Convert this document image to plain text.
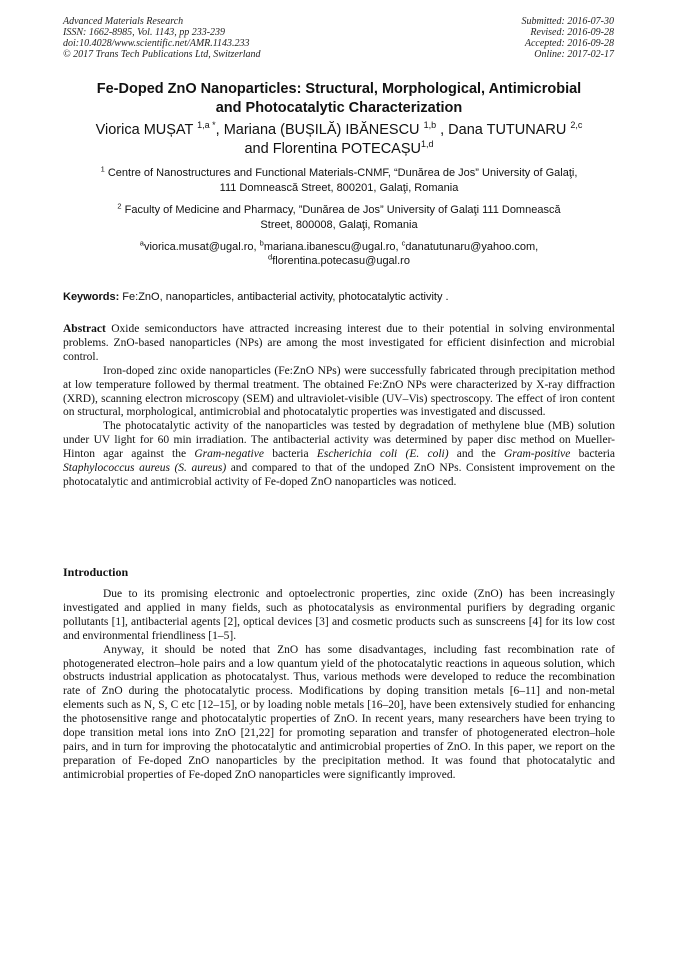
Advanced Materials Research
ISSN: 1662-8985, Vol. 1143, pp 233-239
doi:10.4028/www.scientific.net/AMR.1143.233
© 2017 Trans Tech Publications Ltd, Switzerland
Submitted: 2016-07-30
Revised: 2016-09-28
Accepted: 2016-09-28
Online: 2017-02-17
Fe-Doped ZnO Nanoparticles: Structural, Morphological, Antimicrobial
and Photocatalytic Characterization
Viorica MUȘAT $^{1,a *}$, Mariana (BUȘILĂ) IBĂNESCU $^{1,b}$ , Dana TUTUNARU $^{2,c}$
and Florentina POTECAȘU$^{1,d}$
$^1$ Centre of Nanostructures and Functional Materials-CNMF, “Dunărea de Jos” University of Galaţi,
111 Domnească Street, 800201, Galaţi, Romania
$^2$ Faculty of Medicine and Pharmacy, ”Dunărea de Jos” University of Galaţi 111 Domnească
Street, 800008, Galaţi, Romania
$^a$viorica.musat@ugal.ro, $^b$mariana.ibanescu@ugal.ro, $^c$danatutunaru@yahoo.com,
$^d$florentina.potecasu@ugal.ro
Keywords: Fe:ZnO, nanoparticles, antibacterial activity, photocatalytic activity .

Abstract Oxide semiconductors have attracted increasing interest due to their potential in solving environmental problems. ZnO-based nanoparticles (NPs) are among the most investigated for efficient disinfection and microbial control.

Iron-doped zinc oxide nanoparticles (Fe:ZnO NPs) were successfully fabricated through precipitation method at low temperature followed by thermal treatment. The obtained Fe:ZnO NPs were characterized by X-ray diffraction (XRD), scanning electron microscopy (SEM) and ultraviolet-visible (UV–Vis) spectroscopy. The effect of iron content on structural, morphological, antimicrobial and photocatalytic properties was investigated and discussed.

The photocatalytic activity of the nanoparticles was tested by degradation of methylene blue (MB) solution under UV light for 60 min irradiation. The antibacterial activity was determined by paper disc method on Mueller-Hinton agar against the Gram-negative bacteria Escherichia coli (E. coli) and the Gram-positive bacteria Staphylococcus aureus (S. aureus) and compared to that of the undoped ZnO NPs. Consistent improvement on the photocatalytic and antimicrobial activity of Fe-doped ZnO nanoparticles was noticed.

Introduction

Due to its promising electronic and optoelectronic properties, zinc oxide (ZnO) has been increasingly investigated and applied in many fields, such as photocatalysis as environmental purifiers by degrading organic pollutants [1], antibacterial agents [2], optical devices [3] and cosmetic products such as sunscreens [4] for its low cost and environmental friendliness [1–5].

Anyway, it should be noted that ZnO has some disadvantages, including fast recombination rate of photogenerated electron–hole pairs and a low quantum yield of the photocatalytic reactions in aqueous solution, which obstructs industrial application as photocatalyst. Thus, various methods were developed to reduce the recombination rate of ZnO during the photocatalytic process. Modifications by doping transition metals [6–11] and non-metal elements such as N, S, C etc [12–15], or by loading noble metals [16–20], have been extensively studied for enhancing the photosensitive range and photocatalytic properties of ZnO. In recent years, many researchers have been trying to dope transition metal ions into ZnO [21,22] for promoting separation and transfer of photogenerated electron–hole pairs, and in turn for improving the photocatalytic and antimicrobial properties of ZnO. In this paper, we report on the preparation of Fe-doped ZnO nanoparticles by the precipitation method. It was found that photocatalytic and antimicrobial properties of Fe-doped ZnO nanoparticles were significantly improved.
